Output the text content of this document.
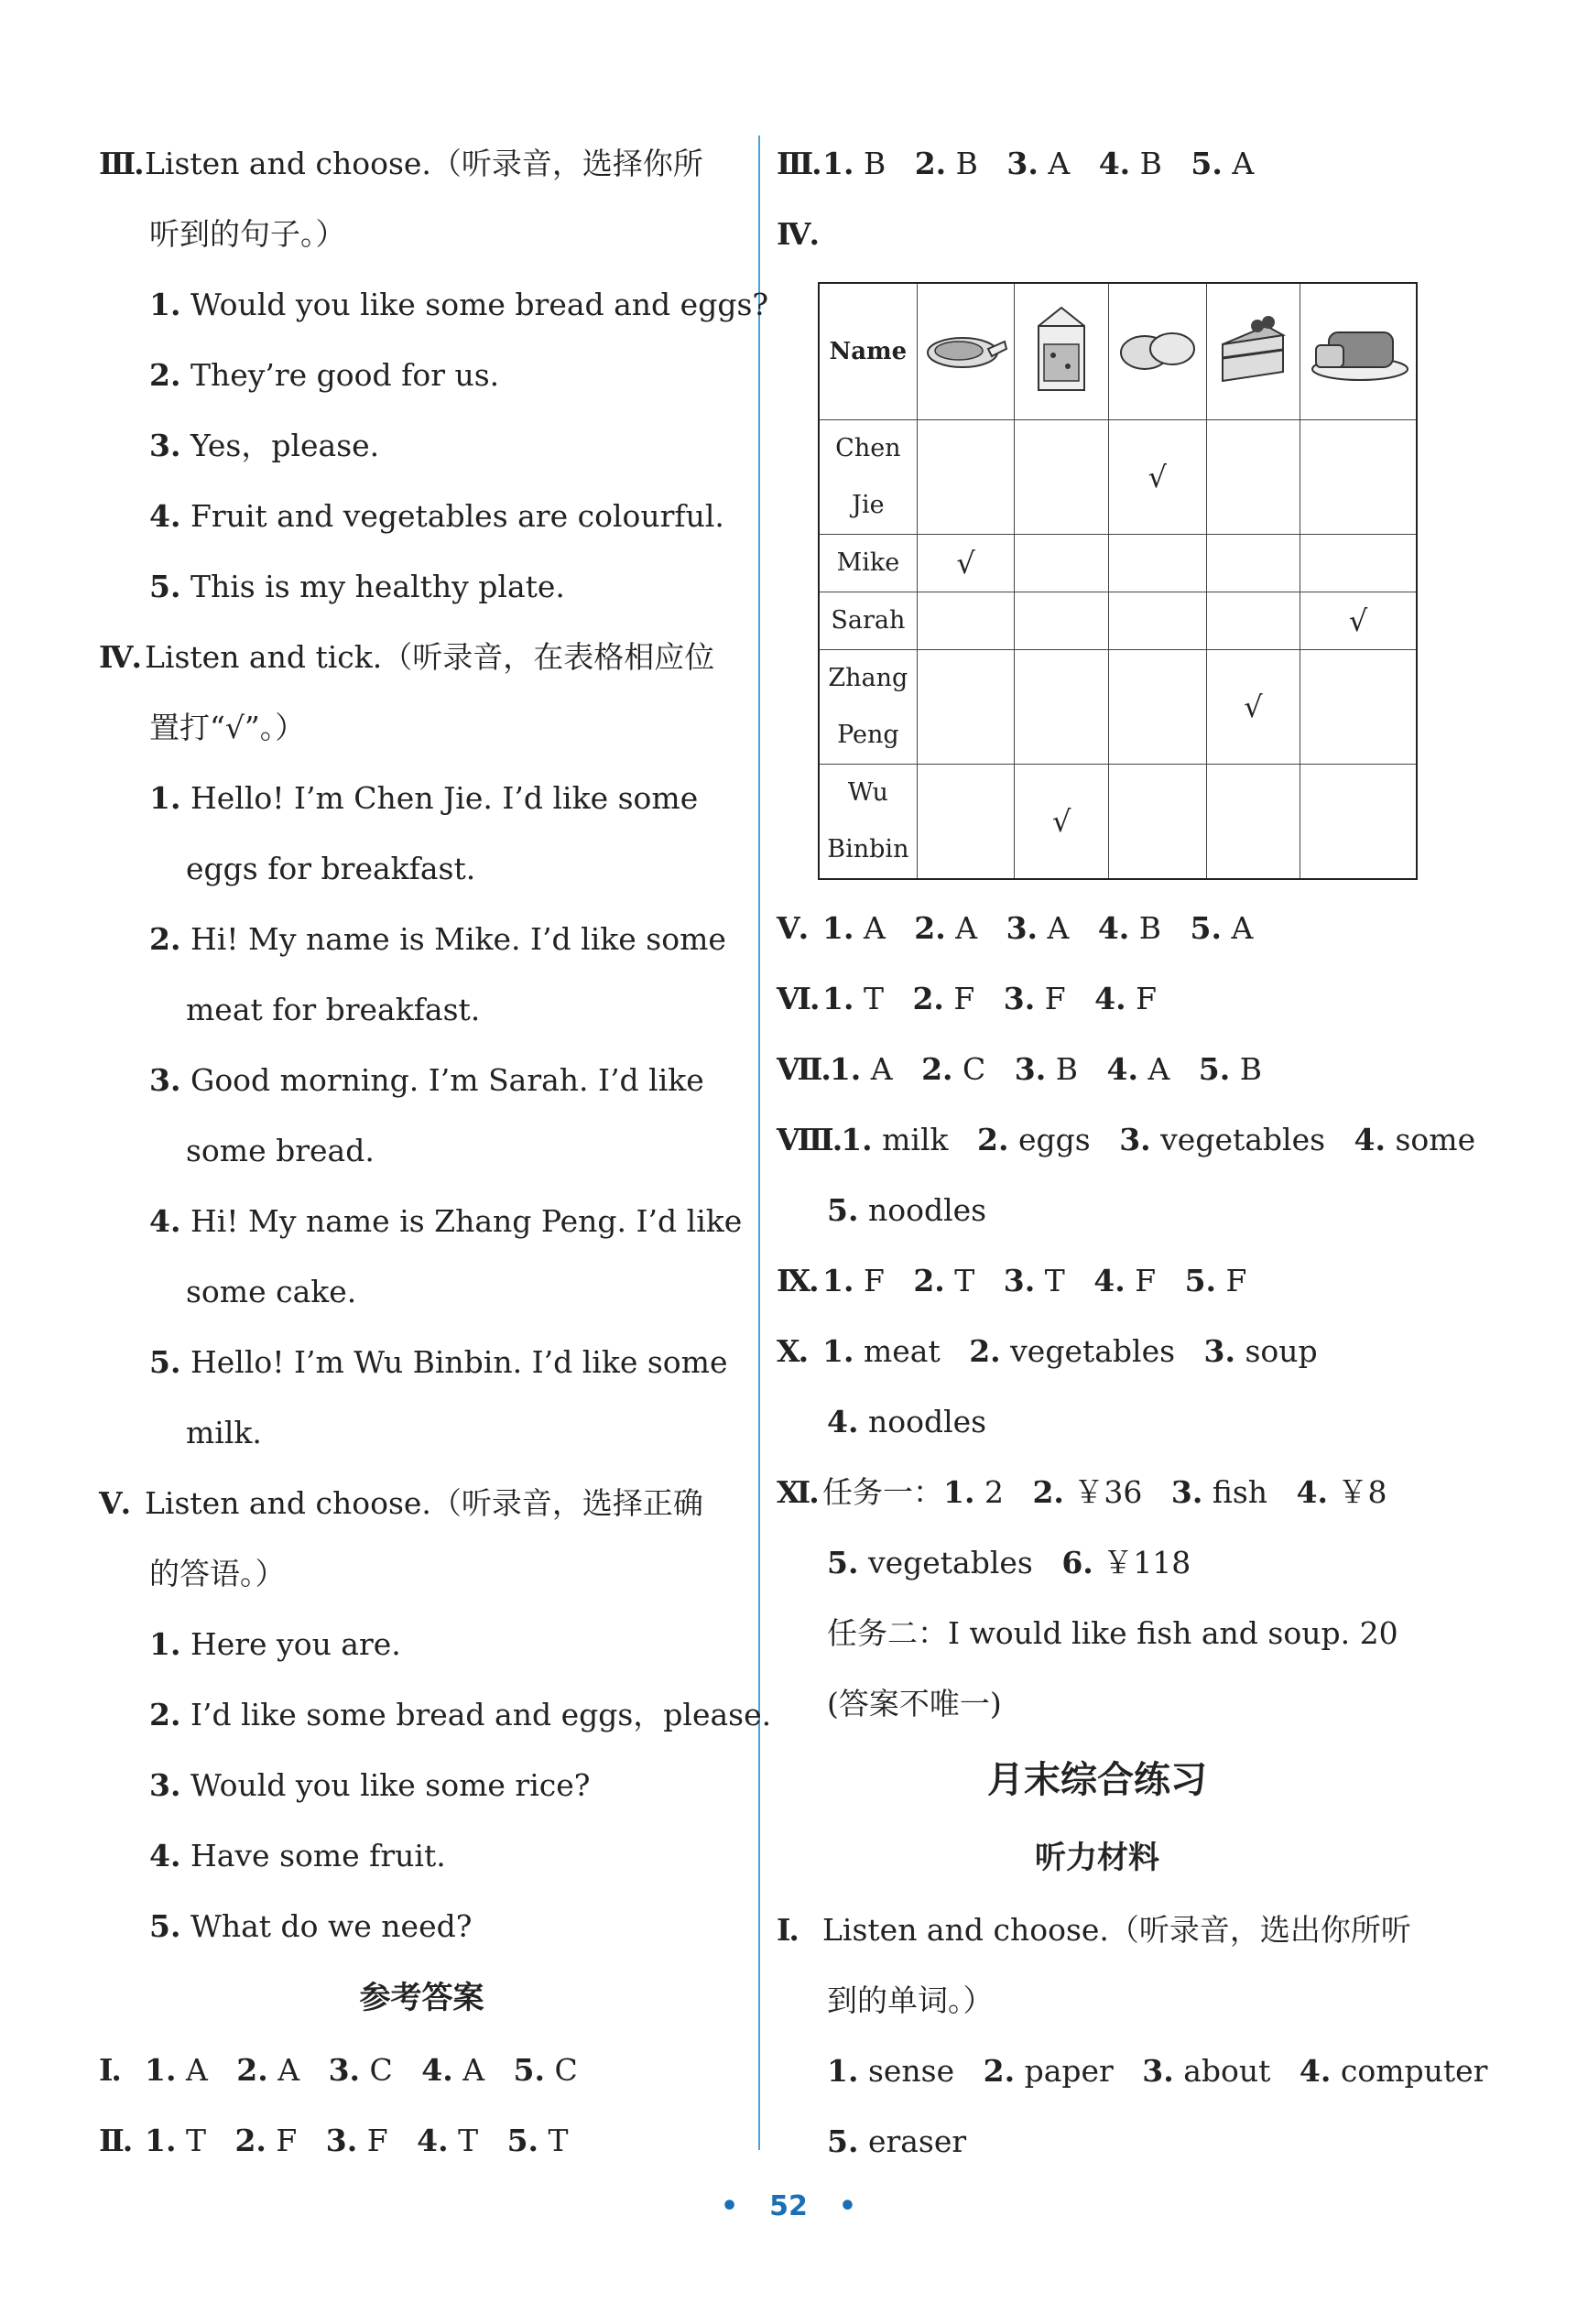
Ⅲ.Listen and choose.（听录音，选择你所
听到的句子。）
1. Would you like some bread and eggs?
2. They’re good for us.
3. Yes，please.
4. Fruit and vegetables are colourful.
5. This is my healthy plate.
Ⅳ. Listen and tick.（听录音，在表格相应位
置打“√”。）
1. Hello! I’m Chen Jie. I’d like some
eggs for breakfast.
2. Hi! My name is Mike. I’d like some
meat for breakfast.
3. Good morning. I’m Sarah. I’d like
some bread.
4. Hi! My name is Zhang Peng. I’d like
some cake.
5. Hello! I’m Wu Binbin. I’d like some
milk.
Ⅴ. Listen and choose.（听录音，选择正确
的答语。）
1. Here you are.
2. I’d like some bread and eggs，please.
3. Would you like some rice?
4. Have some fruit.
5. What do we need?
参考答案
Ⅰ. 1. A 2. A 3. C 4. A 5. C
Ⅱ. 1. T 2. F 3. F 4. T 5. T
Ⅲ.1. B 2. B 3. A 4. B 5. A
Ⅳ.
Name					
Chen
Jie			√		
Mike	√				
Sarah					√
Zhang
Peng				√	
Wu
Binbin		√			
Ⅴ. 1. A 2. A 3. A 4. B 5. A
Ⅵ. 1. T 2. F 3. F 4. F
Ⅶ.1. A 2. C 3. B 4. A 5. B
Ⅷ.1. milk 2. eggs 3. vegetables 4. some
5. noodles
Ⅸ. 1. F 2. T 3. T 4. F 5. F
Ⅹ. 1. meat 2. vegetables 3. soup
4. noodles
Ⅺ. 任务一：1. 2 2. ￥36 3. fish 4. ￥8
5. vegetables 6. ￥118
任务二：I would like fish and soup. 20
(答案不唯一)
月末综合练习
听力材料
Ⅰ. Listen and choose.（听录音，选出你所听
到的单词。）
1. sense 2. paper 3. about 4. computer
5. eraser
• 52 •
